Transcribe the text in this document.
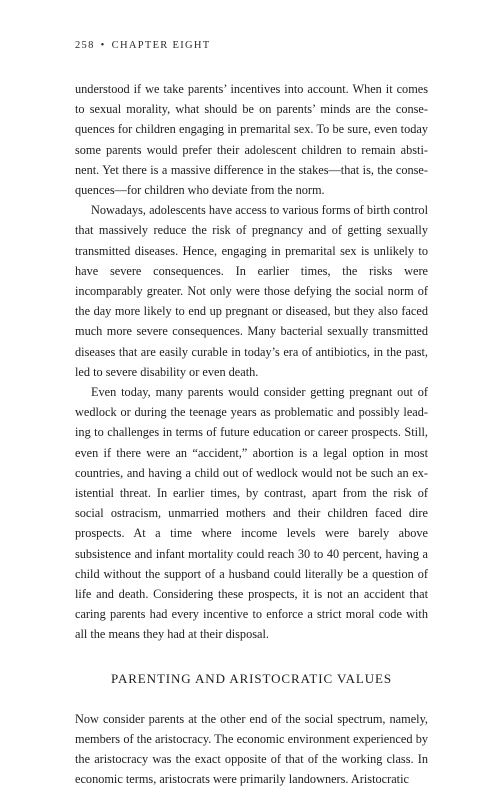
258 • CHAPTER EIGHT

understood if we take parents’ incentives into account. When it comes to sexual morality, what should be on parents’ minds are the consequences for children engaging in premarital sex. To be sure, even today some parents would prefer their adolescent children to remain abstinent. Yet there is a massive difference in the stakes—that is, the consequences—for children who deviate from the norm.

Nowadays, adolescents have access to various forms of birth control that massively reduce the risk of pregnancy and of getting sexually transmitted diseases. Hence, engaging in premarital sex is unlikely to have severe consequences. In earlier times, the risks were incomparably greater. Not only were those defying the social norm of the day more likely to end up pregnant or diseased, but they also faced much more severe consequences. Many bacterial sexually transmitted diseases that are easily curable in today’s era of antibiotics, in the past, led to severe disability or even death.

Even today, many parents would consider getting pregnant out of wedlock or during the teenage years as problematic and possibly leading to challenges in terms of future education or career prospects. Still, even if there were an “accident,” abortion is a legal option in most countries, and having a child out of wedlock would not be such an existential threat. In earlier times, by contrast, apart from the risk of social ostracism, unmarried mothers and their children faced dire prospects. At a time where income levels were barely above subsistence and infant mortality could reach 30 to 40 percent, having a child without the support of a husband could literally be a question of life and death. Considering these prospects, it is not an accident that caring parents had every incentive to enforce a strict moral code with all the means they had at their disposal.

PARENTING AND ARISTOCRATIC VALUES

Now consider parents at the other end of the social spectrum, namely, members of the aristocracy. The economic environment experienced by the aristocracy was the exact opposite of that of the working class. In economic terms, aristocrats were primarily landowners. Aristocratic
